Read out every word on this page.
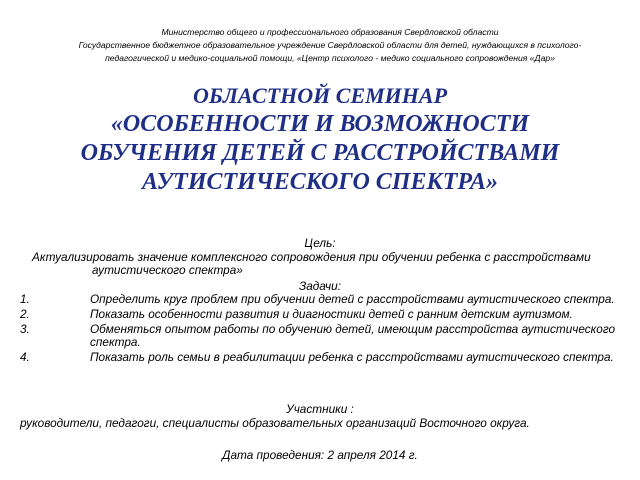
Министерство общего и профессионального образования Свердловской области
Государственное бюджетное образовательное учреждение Свердловской области для детей, нуждающихся в психолого-
педагогической и медико-социальной помощи, «Центр психолого - медико социального сопровождения «Дар»
ОБЛАСТНОЙ СЕМИНАР
«ОСОБЕННОСТИ И ВОЗМОЖНОСТИ
ОБУЧЕНИЯ ДЕТЕЙ С РАССТРОЙСТВАМИ
АУТИСТИЧЕСКОГО СПЕКТРА»
Цель:
Актуализировать значение комплексного сопровождения при обучении ребенка с расстройствами аутистического спектра»
Задачи:
1.	Определить круг проблем при обучении детей с расстройствами аутистического спектра.
2.	Показать особенности развития и диагностики детей с ранним детским аутизмом.
3.	Обменяться опытом работы по обучению детей, имеющим расстройства аутистического спектра.
4.	Показать роль семьи в реабилитации ребенка с расстройствами аутистического спектра.
Участники :
руководители, педагоги, специалисты образовательных организаций Восточного округа.
Дата проведения: 2 апреля 2014 г.
